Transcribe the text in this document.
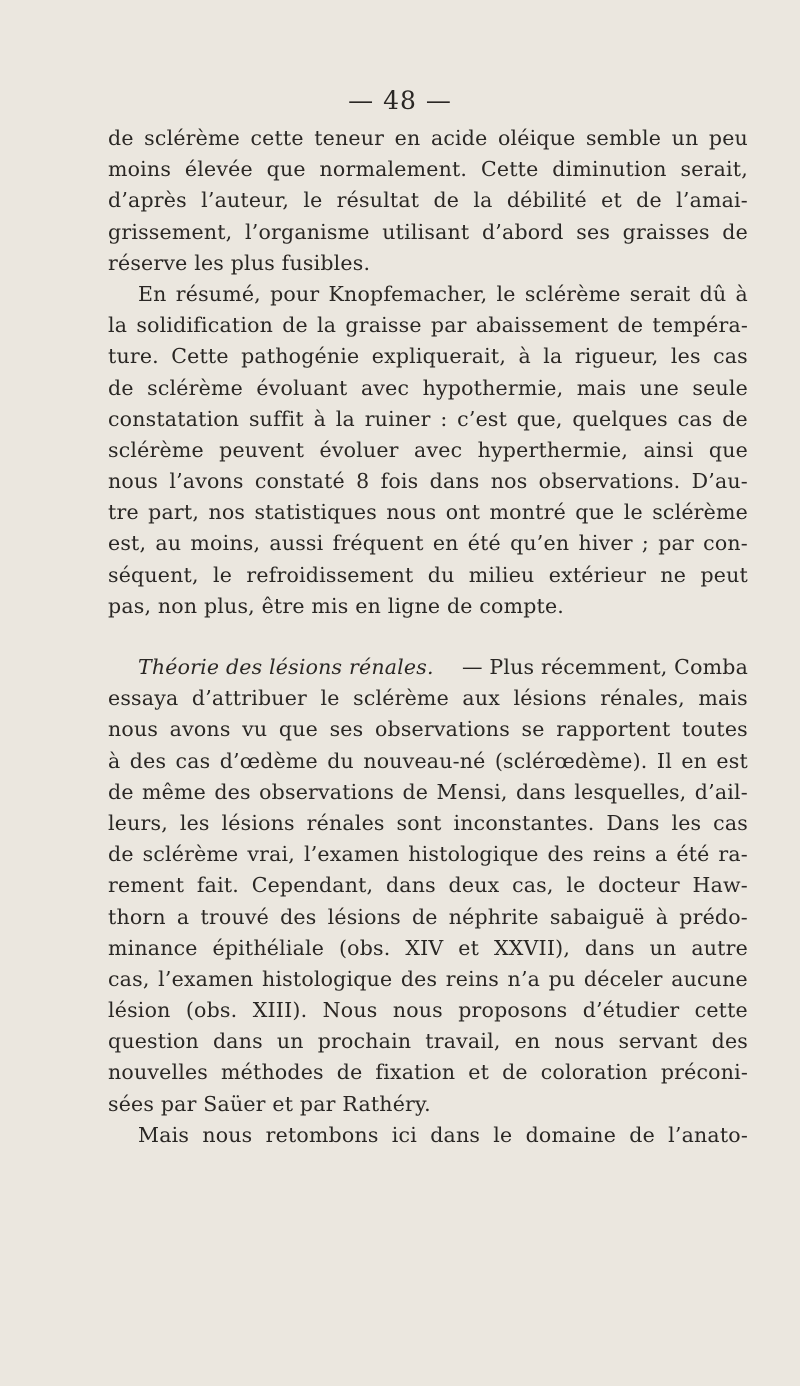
— 48 —
de sclérème cette teneur en acide oléique semble un peu
moins élevée que normalement. Cette diminution serait,
d’après l’auteur, le résultat de la débilité et de l’amai-
grissement, l’organisme utilisant d’abord ses graisses de
réserve les plus fusibles.
En résumé, pour Knopfemacher, le sclérème serait dû à
la solidification de la graisse par abaissement de tempéra-
ture. Cette pathogénie expliquerait, à la rigueur, les cas
de sclérème évoluant avec hypothermie, mais une seule
constatation suffit à la ruiner : c’est que, quelques cas de
sclérème peuvent évoluer avec hyperthermie, ainsi que
nous l’avons constaté 8 fois dans nos observations. D’au-
tre part, nos statistiques nous ont montré que le sclérème
est, au moins, aussi fréquent en été qu’en hiver ; par con-
séquent, le refroidissement du milieu extérieur ne peut
pas, non plus, être mis en ligne de compte.
Théorie des lésions rénales. — Plus récemment, Comba
essaya d’attribuer le sclérème aux lésions rénales, mais
nous avons vu que ses observations se rapportent toutes
à des cas d’œdème du nouveau-né (sclérœdème). Il en est
de même des observations de Mensi, dans lesquelles, d’ail-
leurs, les lésions rénales sont inconstantes. Dans les cas
de sclérème vrai, l’examen histologique des reins a été ra-
rement fait. Cependant, dans deux cas, le docteur Haw-
thorn a trouvé des lésions de néphrite sabaiguë à prédo-
minance épithéliale (obs. XIV et XXVII), dans un autre
cas, l’examen histologique des reins n’a pu déceler aucune
lésion (obs. XIII). Nous nous proposons d’étudier cette
question dans un prochain travail, en nous servant des
nouvelles méthodes de fixation et de coloration préconi-
sées par Saüer et par Rathéry.
Mais nous retombons ici dans le domaine de l’anato-
